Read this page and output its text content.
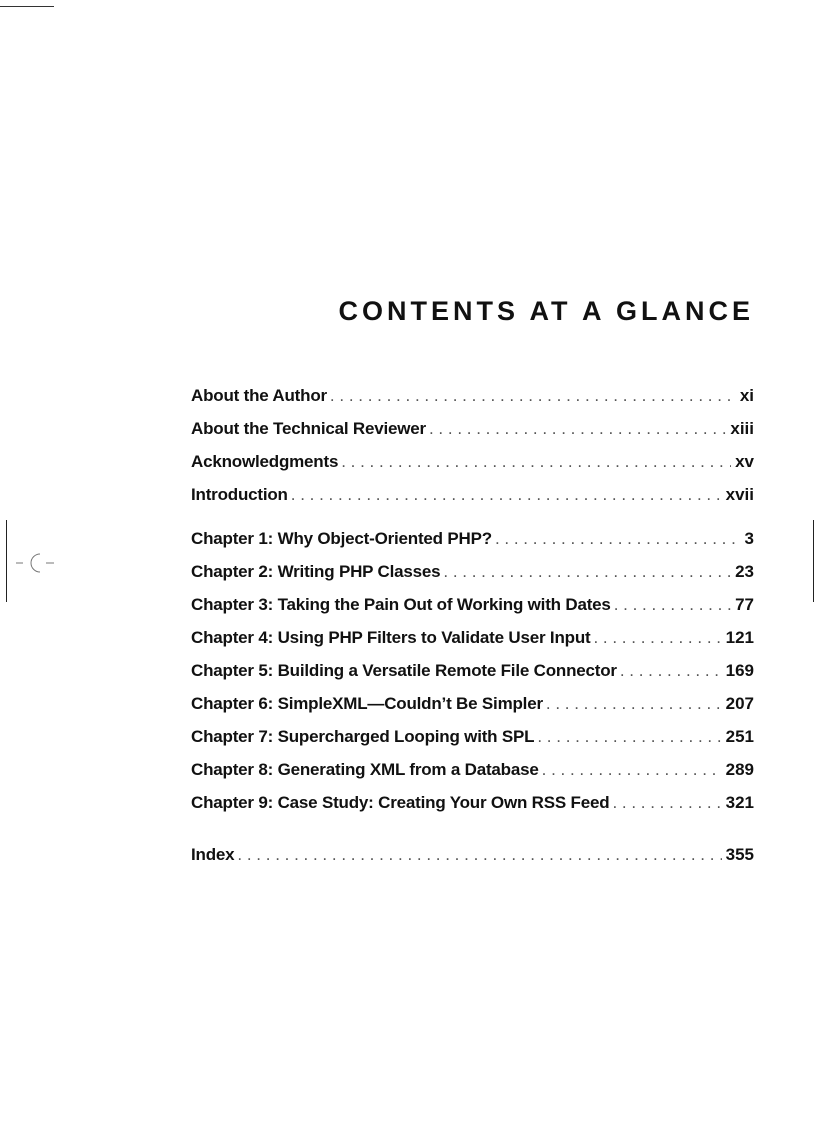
CONTENTS AT A GLANCE
About the Author . . .	xi
About the Technical Reviewer . . .	xiii
Acknowledgments . . .	xv
Introduction . . .	xvii
Chapter 1: Why Object-Oriented PHP? . . .	3
Chapter 2: Writing PHP Classes . . .	23
Chapter 3: Taking the Pain Out of Working with Dates . . .	77
Chapter 4: Using PHP Filters to Validate User Input . . .	121
Chapter 5: Building a Versatile Remote File Connector . . .	169
Chapter 6: SimpleXML—Couldn’t Be Simpler . . .	207
Chapter 7: Supercharged Looping with SPL . . .	251
Chapter 8: Generating XML from a Database . . .	289
Chapter 9: Case Study: Creating Your Own RSS Feed . . .	321
Index . . .	355
